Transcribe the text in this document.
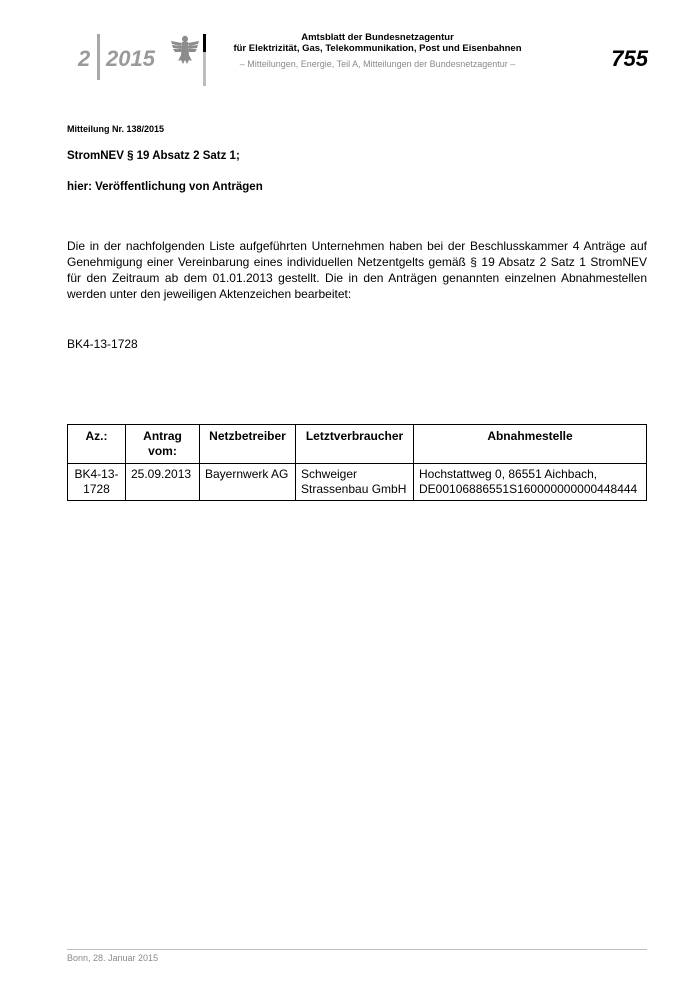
2 2015
Amtsblatt der Bundesnetzagentur
für Elektrizität, Gas, Telekommunikation, Post und Eisenbahnen
– Mitteilungen, Energie, Teil A, Mitteilungen der Bundesnetzagentur –	755
Mitteilung Nr. 138/2015
StromNEV § 19 Absatz 2 Satz 1;
hier: Veröffentlichung von Anträgen
Die in der nachfolgenden Liste aufgeführten Unternehmen haben bei der Beschlusskammer 4 Anträge auf Genehmigung einer Vereinbarung eines individuellen Netzentgelts gemäß § 19 Absatz 2 Satz 1 StromNEV für den Zeitraum ab dem 01.01.2013 gestellt. Die in den Anträgen genannten einzelnen Abnahmestellen werden unter den jeweiligen Aktenzeichen bearbeitet:
BK4-13-1728
Az.:	Antrag vom:	Netzbetreiber	Letztverbraucher	Abnahmestelle
BK4-13-1728	25.09.2013	Bayernwerk AG	Schweiger Strassenbau GmbH	Hochstattweg 0, 86551 Aichbach, DE00106886551S160000000000448444
Bonn, 28. Januar 2015
